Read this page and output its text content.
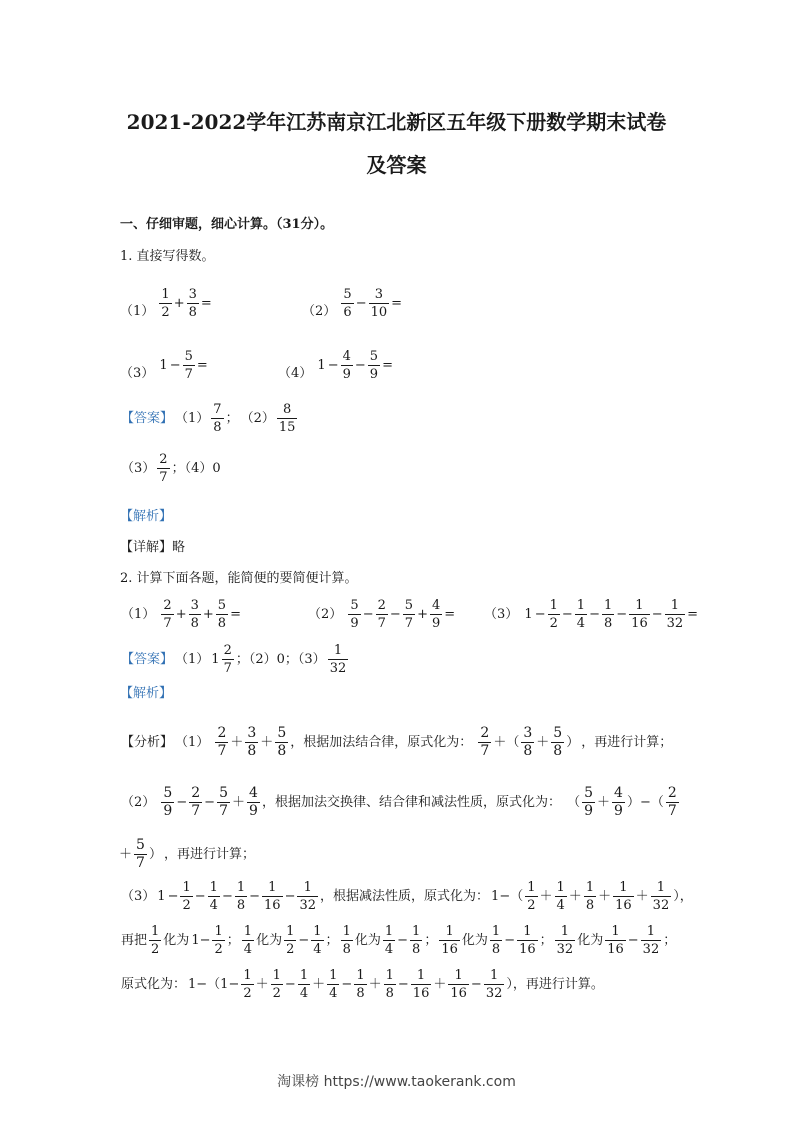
2021-2022学年江苏南京江北新区五年级下册数学期末试卷
及答案
一、仔细审题，细心计算。（31分）。
1. 直接写得数。
$(1) \frac{1}{2} + \frac{3}{8}$ =
$(2) \frac{5}{6} - \frac{3}{10}$ =
（3） $1 - \frac{5}{7}$ =
（4） $1 - \frac{4}{9} - \frac{5}{9}$ =
【答案】 $(1) \frac{7}{8}$ ； $(2) \frac{8}{15}$
$(3) \frac{2}{7}$ ；（4）0
【解析】
【详解】略
2. 计算下面各题，能简便的要简便计算。
$(1) \frac{2}{7} + \frac{3}{8} + \frac{5}{8}$ =	$(2) \frac{5}{9} - \frac{2}{7} - \frac{5}{7} + \frac{4}{9} = (3) 1 - \frac{1}{2} - \frac{1}{4} - \frac{1}{8} - \frac{1}{16} - \frac{1}{32}$ =
【答案】 （1） $1 \frac{2}{7}$ ；（2）0；$(3) \frac{1}{32}$
【解析】
【分析】 $(1) \frac{2}{7} + \frac{3}{8} + \frac{5}{8}$ ，根据加法结合律，原式化为： $\frac{2}{7}$ ＋（ $\frac{3}{8} + \frac{5}{8}$ ） ，再进行计算；
$(2) \frac{5}{9} - \frac{2}{7} - \frac{5}{7} + \frac{4}{9}$ ，根据加法交换律、结合律和减法性质，原式化为： （ $\frac{5}{9} + \frac{4}{9}$ ）−（ $\frac{2}{7}$
＋ $\frac{5}{7}$ ） ，再进行计算；
（3） $1 - \frac{1}{2} - \frac{1}{4} - \frac{1}{8} - \frac{1}{16} - \frac{1}{32}$ ，根据减法性质，原式化为： $1-( \frac{1}{2} + \frac{1}{4} + \frac{1}{8} + \frac{1}{16} + \frac{1}{32}$ ），
再把 $\frac{1}{2}$ 化为 $1- \frac{1}{2}$ ； $\frac{1}{4}$ 化为 $\frac{1}{2} - \frac{1}{4}$ ； $\frac{1}{8}$ 化为 $\frac{1}{4} - \frac{1}{8}$ ； $\frac{1}{16}$ 化为 $\frac{1}{8} - \frac{1}{16}$ ； $\frac{1}{32}$ 化为 $\frac{1}{16} - \frac{1}{32}$ ；
原式化为： $1-(1- \frac{1}{2} + \frac{1}{2} - \frac{1}{4} + \frac{1}{4} - \frac{1}{8} + \frac{1}{8} - \frac{1}{16} + \frac{1}{16} - \frac{1}{32}$ ），再进行计算。
淘课榜 https://www.taokerank.com
